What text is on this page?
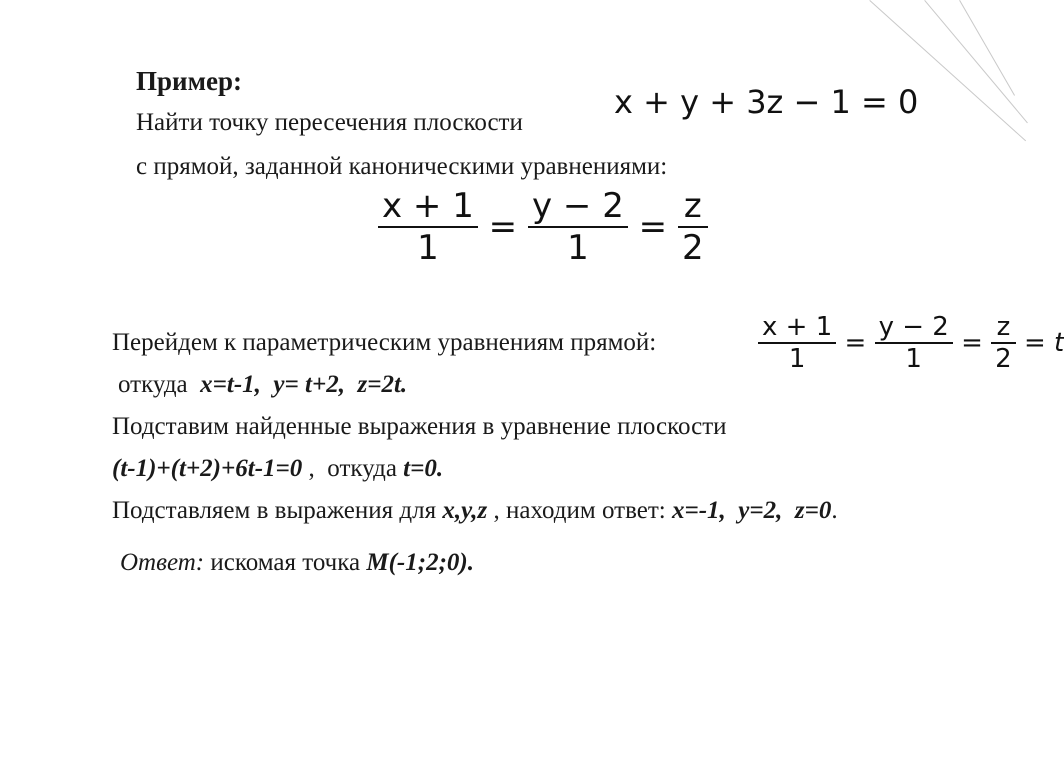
Пример:
Найти точку пересечения плоскости
с прямой, заданной каноническими уравнениями:
x + y + 3z − 1 = 0
$\frac{x + 1}{1} = \frac{y - 2}{1} = \frac{z}{2}$
Перейдем к параметрическим уравнениям прямой:	$\frac{x + 1}{1} = \frac{y - 2}{1} = \frac{z}{2} = t$
откуда x=t-1, y= t+2, z=2t.
Подставим найденные выражения в уравнение плоскости
(t-1)+(t+2)+6t-1=0 ,  откуда t=0.
Подставляем в выражения для x,y,z , находим ответ: x=-1, y=2, z=0.
Ответ: искомая точка M(-1;2;0).
